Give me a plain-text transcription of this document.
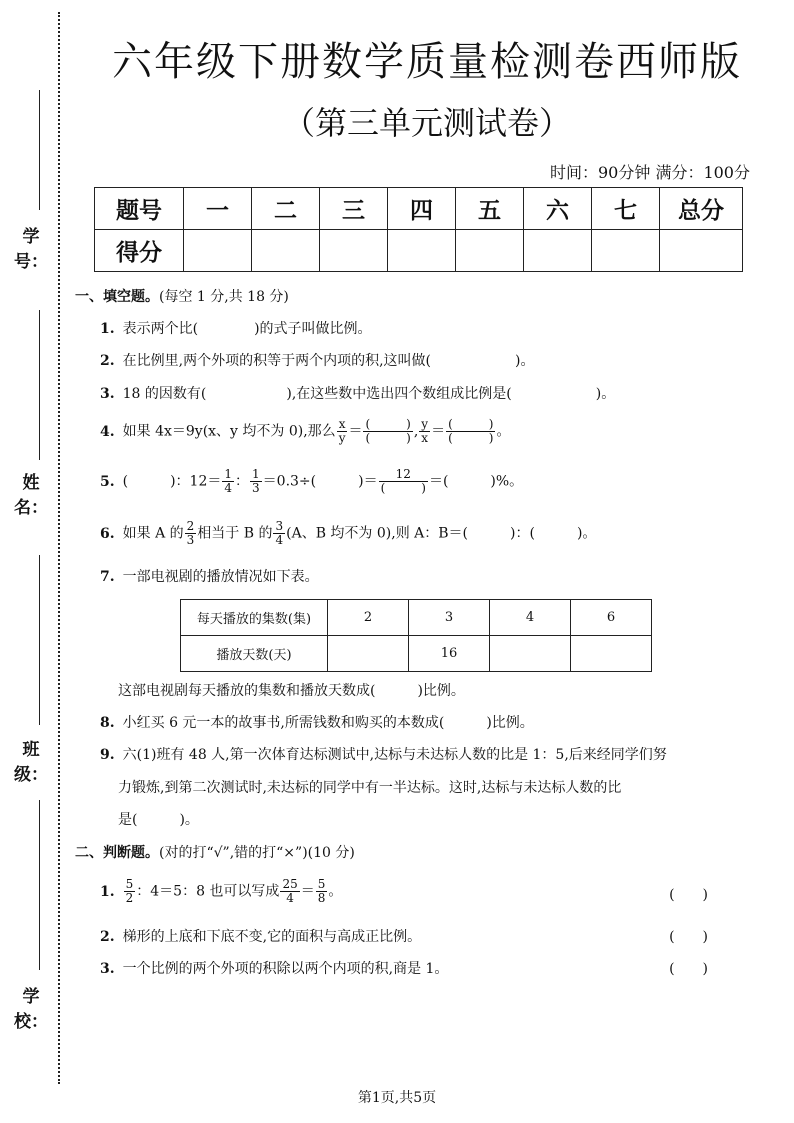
学号：
姓名：
班级：
学校：
六年级下册数学质量检测卷西师版
（第三单元测试卷）
时间：90分钟 满分：100分
题号	一	二	三	四	五	六	七	总分
得分								
一、填空题。(每空 1 分,共 18 分)
1. 表示两个比(	)的式子叫做比例。
2. 在比例里,两个外项的积等于两个内项的积,这叫做(	)。
3. 18 的因数有(	),在这些数中选出四个数组成比例是(	)。
4. 如果 4x＝9y(x、y 均不为 0),那么 $\frac{x}{y} = \frac{( )}{( )}$ , $\frac{y}{x} = \frac{( )}{( )}$ 。
5. (　　　)：$12= \frac{1}{4}$ ： $\frac{1}{3} =0.3\div$(　　　)＝ $\frac{12}{( )}$ ＝(　　　)%。
6. 如果 A 的 $\frac{2}{3}$ 相当于 B 的 $\frac{3}{4} (A$、B 均不为 0),则 A：B＝(　　　)：(　　　)。
7. 一部电视剧的播放情况如下表。
每天播放的集数(集)	2	3	4	6
播放天数(天)		16		
这部电视剧每天播放的集数和播放天数成(　　　)比例。
8. 小红买 6 元一本的故事书,所需钱数和购买的本数成(　　　)比例。
9. 六(1)班有 48 人,第一次体育达标测试中,达标与未达标人数的比是 1：5,后来经同学们努
力锻炼,到第二次测试时,未达标的同学中有一半达标。这时,达标与未达标人数的比
是(　　　)。
二、判断题。(对的打“√”,错的打“×”)(10 分)
1. $\frac{5}{2}$ ：4＝5：8 也可以写成 $\frac{25}{4} = \frac{5}{8}$ 。	(　　)
2. 梯形的上底和下底不变,它的面积与高成正比例。	(　　)
3. 一个比例的两个外项的积除以两个内项的积,商是 1。	(　　)
第1页,共5页
